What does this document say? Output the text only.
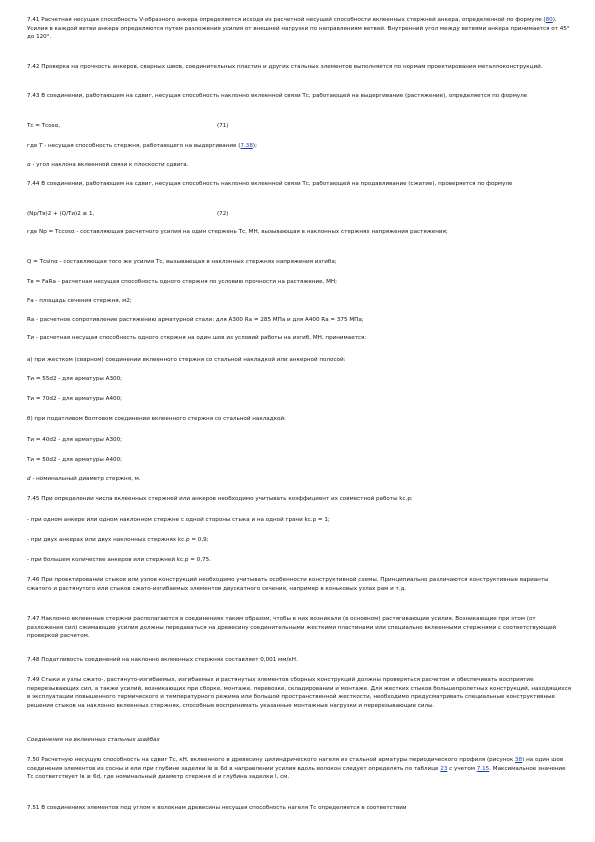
7.41 Расчетная несущая способность V-образного анкера определяется исходя из расчетной несущей способности вклеенных стержней анкера, определенной по формуле (80). Усилия в каждой ветви анкера определяются путем разложения усилия от внешней нагрузки по направлениям ветвей. Внутренний угол между ветвями анкера принимается от 45° до 120°.
7.42 Проверка на прочность анкеров, сварных швов, соединительных пластин и других стальных элементов выполняется по нормам проектирования металлоконструкций.
7.43 В соединении, работающем на сдвиг, несущая способность наклонно вклеенной связи Тс, работающей на выдергивание (растяжение), определяется по формуле
Тс = Тcosα,	(71)
где T - несущая способность стержня, работающего на выдергивание (7.38);
α - угол наклона вклеенной связи к плоскости сдвига.
7.44 В соединении, работающем на сдвиг, несущая способность наклонно вклеенной связи Тс, работающей на продавливание (сжатие), проверяется по формуле
(Np/Tв)2 + (Q/Tи)2 ≤ 1,	(72)
где Np = Тccosα - составляющая расчетного усилия на один стержень Тс, МН, вызывающая в наклонных стержнях напряжения растяжения;
Q = Тсsinα - составляющая того же усилия Тс, вызывающая в наклонных стержнях напряжения изгиба;
Тв = FаRа - расчетная несущая способность одного стержня по условию прочности на растяжение, МН;
Fа - площадь сечения стержня, м2;
Rа - расчетное сопротивление растяжению арматурной стали: для А300 Rа = 285 МПа и для А400 Rа = 375 МПа;
Ти - расчетная несущая способность одного стержня на один шов из условий работы на изгиб, МН, принимается:
а) при жестком (сварном) соединении вклеенного стержня со стальной накладкой или анкерной полосой:
Ти = 55d2 - для арматуры А300;
Ти = 70d2 - для арматуры А400;
б) при податливом болтовом соединении вклеенного стержня со стальной накладкой:
Ти = 40d2 - для арматуры А300;
Ти = 50d2 - для арматуры А400;
d - номинальный диаметр стержня, м.
7.45 При определении числа вклеенных стержней или анкеров необходимо учитывать коэффициент их совместной работы kс.р:
- при одном анкере или одном наклонном стержне с одной стороны стыка и на одной грани kс.р = 1;
- при двух анкерах или двух наклонных стержнях kс.р = 0,9;
- при большем количестве анкеров или стержней kс.р = 0,75.
7.46 При проектировании стыков или узлов конструкций необходимо учитывать особенности конструктивной схемы. Принципиально различаются конструктивные варианты сжатого и растянутого или стыков сжато-изгибаемых элементов двускатного сечения, например в коньковых узлах рам и т.д.
7.47 Наклонно вклеенные стержни располагаются в соединениях таким образом, чтобы в них возникали (в основном) растягивающие усилия. Возникающие при этом (от разложения сил) сжимающие усилия должны передаваться на древесину соединительными жесткими пластинами или специально вклеенными стержнями с соответствующей проверкой расчетом.
7.48 Податливость соединений на наклонно вклеенных стержнях составляет 0,001 мм/кН.
7.49 Стыки и узлы сжато-, растянуто-изгибаемых, изгибаемых и растянутых элементов сборных конструкций должны проверяться расчетом и обеспечивать восприятие перерезывающих сил, а также усилий, возникающих при сборке, монтаже, перевозке, складировании и монтаже. Для жестких стыков большепролетных конструкций, находящихся в эксплуатации повышенного термического и температурного режима или большой пространственной жесткости, необходимо предусматривать специальные конструктивные решения стыков на наклонно вклеенных стержнях, способные воспринимать указанные монтажные нагрузки и перерезывающие силы.
Соединения на вклеенных стальных шайбах
7.50 Расчетную несущую способность на сдвиг Тс, кН, вклеенного в древесину цилиндрического нагеля из стальной арматуры периодического профиля (рисунок 38) на один шов соединения элементов из сосны и ели при глубине заделки lв ≥ 6d в направлении усилия вдоль волокон следует определять по таблице 23 с учетом 7.15. Максимальное значение Тс соответствует lв ≥ 6d, где номинальный диаметр стержня d и глубина заделки l, см.
7.51 В соединениях элементов под углом к волокнам древесины несущая способность нагеля Тс определяется в соответствии
